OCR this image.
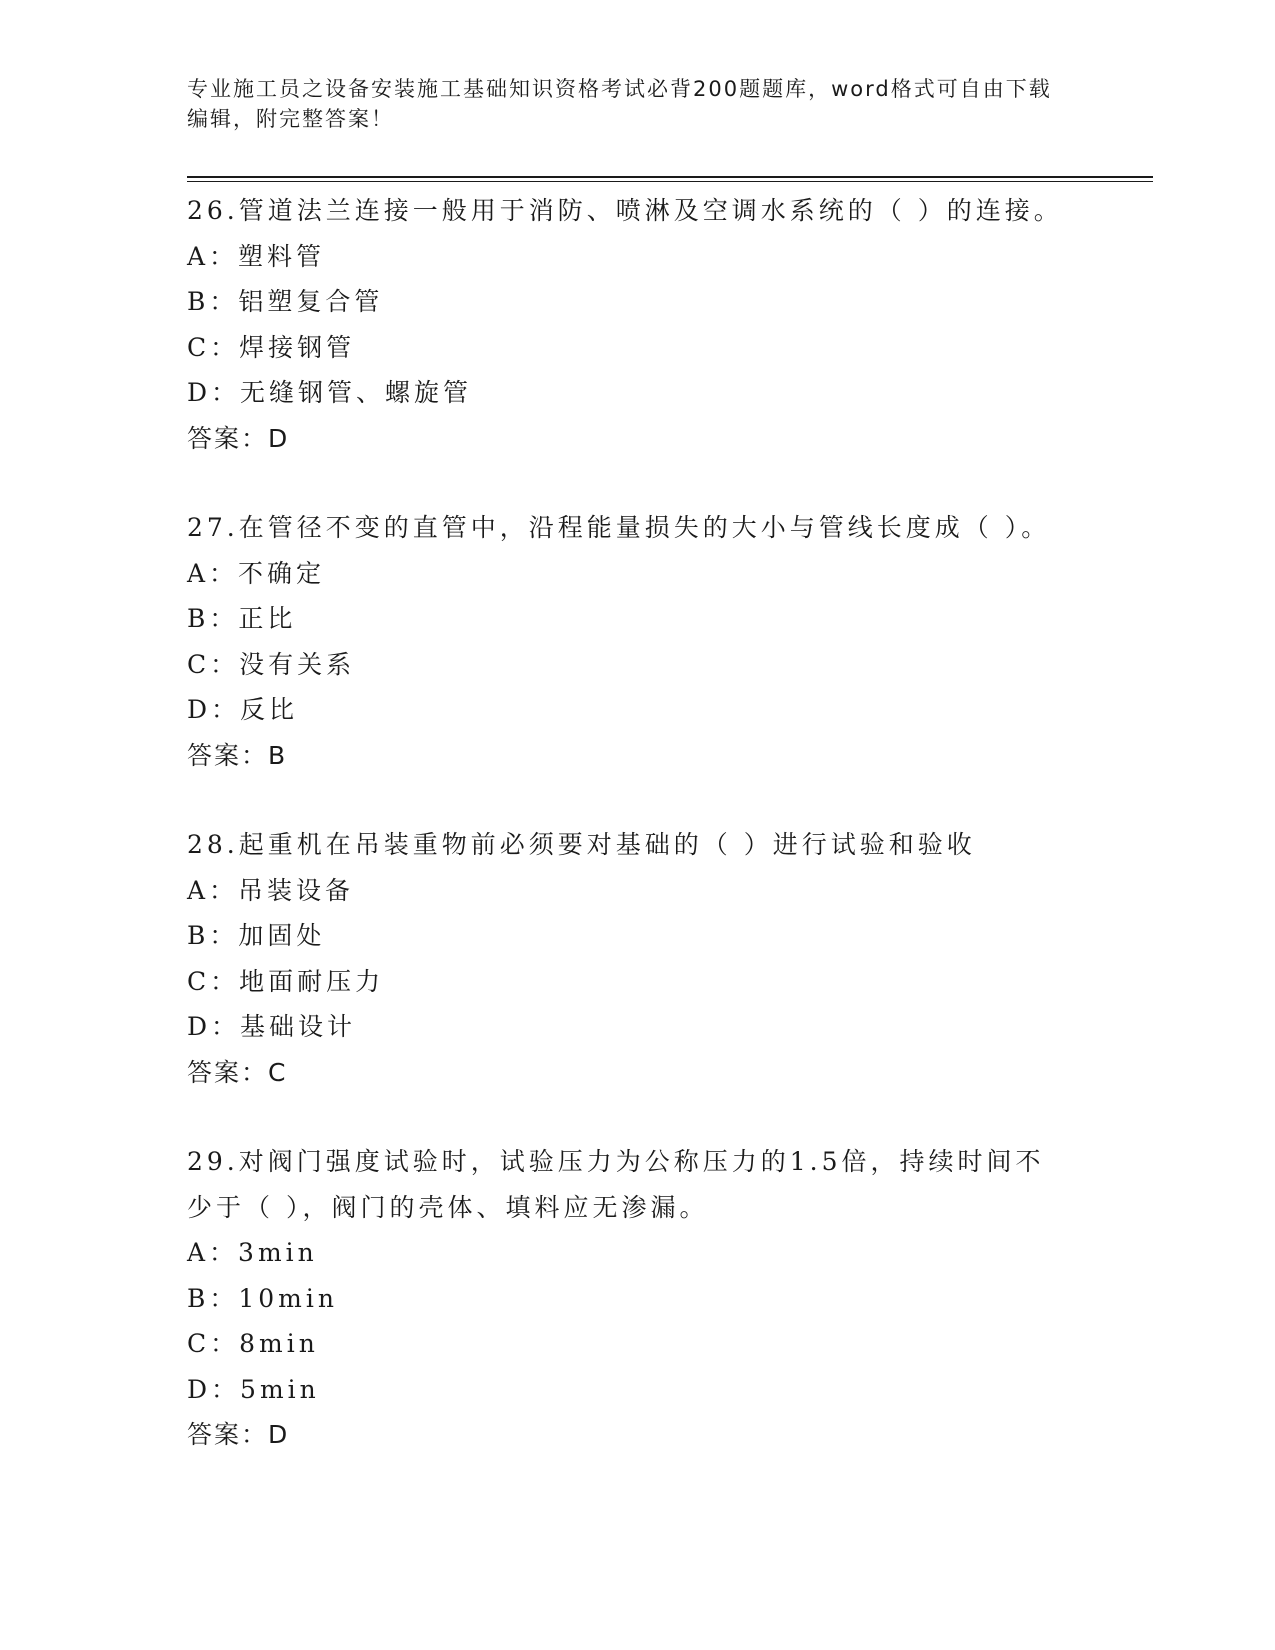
专业施工员之设备安装施工基础知识资格考试必背200题题库，word格式可自由下载编辑，附完整答案！
26.管道法兰连接一般用于消防、喷淋及空调水系统的（ ）的连接。
A：塑料管
B：铝塑复合管
C：焊接钢管
D：无缝钢管、螺旋管
答案：D
27.在管径不变的直管中，沿程能量损失的大小与管线长度成（ ）。
A：不确定
B：正比
C：没有关系
D：反比
答案：B
28.起重机在吊装重物前必须要对基础的（ ）进行试验和验收
A：吊装设备
B：加固处
C：地面耐压力
D：基础设计
答案：C
29.对阀门强度试验时，试验压力为公称压力的1.5倍，持续时间不少于（ ），阀门的壳体、填料应无渗漏。
A：3min
B：10min
C：8min
D：5min
答案：D
